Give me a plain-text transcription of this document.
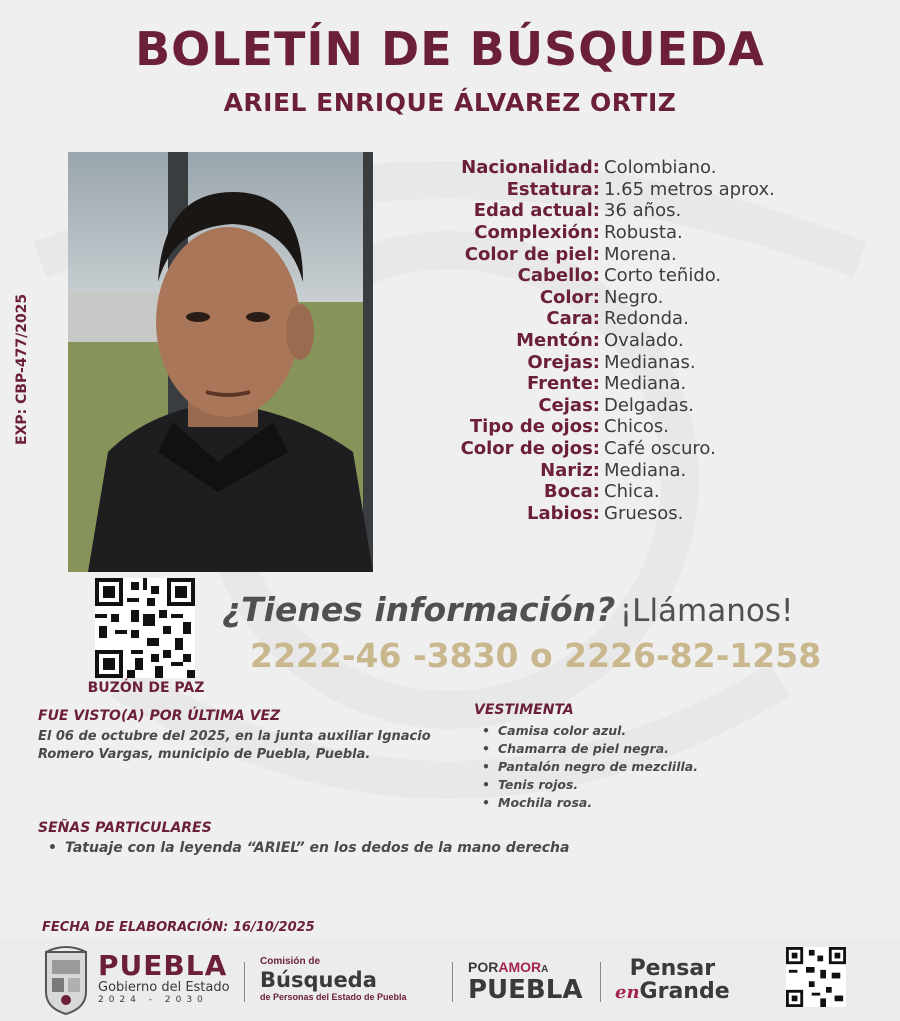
BOLETÍN DE BÚSQUEDA
ARIEL ENRIQUE ÁLVAREZ ORTIZ
EXP: CBP-477/2025
Nacionalidad: Colombiano.
Estatura: 1.65 metros aprox.
Edad actual: 36 años.
Complexión: Robusta.
Color de piel: Morena.
Cabello: Corto teñido.
Color: Negro.
Cara: Redonda.
Mentón: Ovalado.
Orejas: Medianas.
Frente: Mediana.
Cejas: Delgadas.
Tipo de ojos: Chicos.
Color de ojos: Café oscuro.
Nariz: Mediana.
Boca: Chica.
Labios: Gruesos.
BUZÓN DE PAZ
¿Tienes información? ¡Llámanos!
2222-46 -3830 o 2226-82-1258
FUE VISTO(A) POR ÚLTIMA VEZ
El 06 de octubre del 2025, en la junta auxiliar Ignacio Romero Vargas, municipio de Puebla, Puebla.
VESTIMENTA
• Camisa color azul.
• Chamarra de piel negra.
• Pantalón negro de mezclilla.
• Tenis rojos.
• Mochila rosa.
SEÑAS PARTICULARES
• Tatuaje con la leyenda “ARIEL” en los dedos de la mano derecha
FECHA DE ELABORACIÓN: 16/10/2025
PUEBLA
Gobierno del Estado
2024 - 2030
Comisión de
Búsqueda
de Personas del Estado de Puebla
PORAMORA
PUEBLA
Pensar
enGrande
